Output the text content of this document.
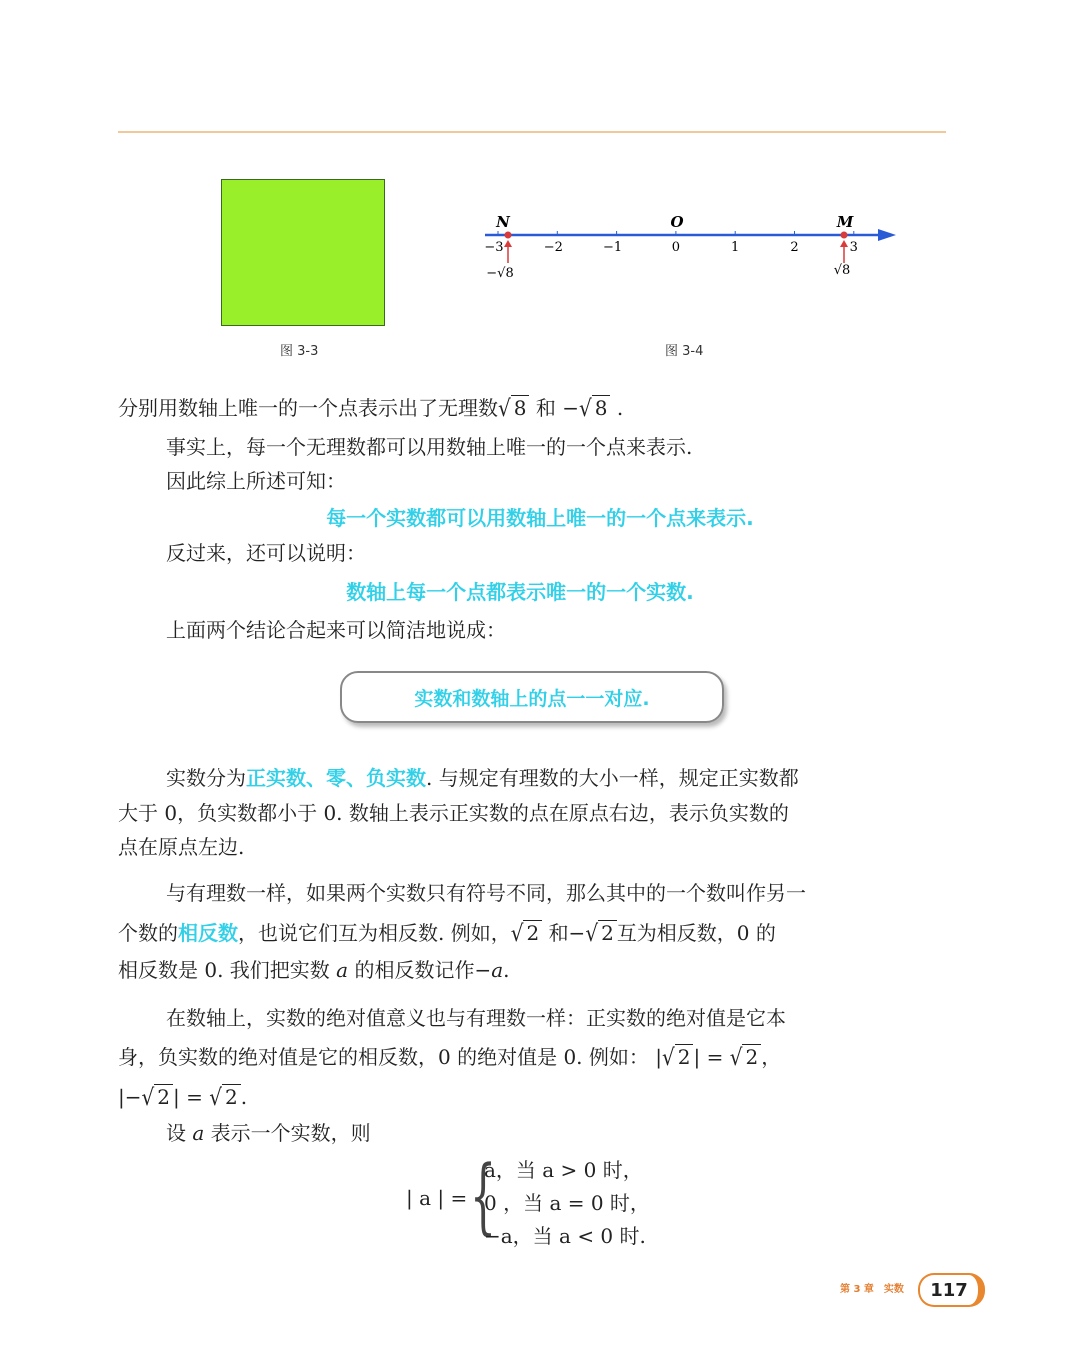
图 3-3
−3	−2	−1	0	1	2	3
N	O	M
−√8	√8
图 3-4
分别用数轴上唯一的一个点表示出了无理数√ 8 和 −√ 8 .
事实上，每一个无理数都可以用数轴上唯一的一个点来表示.
因此综上所述可知：
每一个实数都可以用数轴上唯一的一个点来表示.
反过来，还可以说明：
数轴上每一个点都表示唯一的一个实数.
上面两个结论合起来可以简洁地说成：
实数和数轴上的点一一对应.
实数分为正实数、零、负实数. 与规定有理数的大小一样，规定正实数都
大于 0，负实数都小于 0. 数轴上表示正实数的点在原点右边，表示负实数的
点在原点左边.
与有理数一样，如果两个实数只有符号不同，那么其中的一个数叫作另一
个数的相反数，也说它们互为相反数. 例如，√ 2 和−√ 2 互为相反数，0 的
相反数是 0. 我们把实数 a 的相反数记作−a.
在数轴上，实数的绝对值意义也与有理数一样：正实数的绝对值是它本
身，负实数的绝对值是它的相反数，0 的绝对值是 0. 例如： |√ 2 | = √ 2 ，
|−√ 2 | = √ 2 .
设 a 表示一个实数，则
| a | = {
a，当 a > 0 时，
0 ，当 a = 0 时，
−a，当 a < 0 时.
第 3 章　实数	117
